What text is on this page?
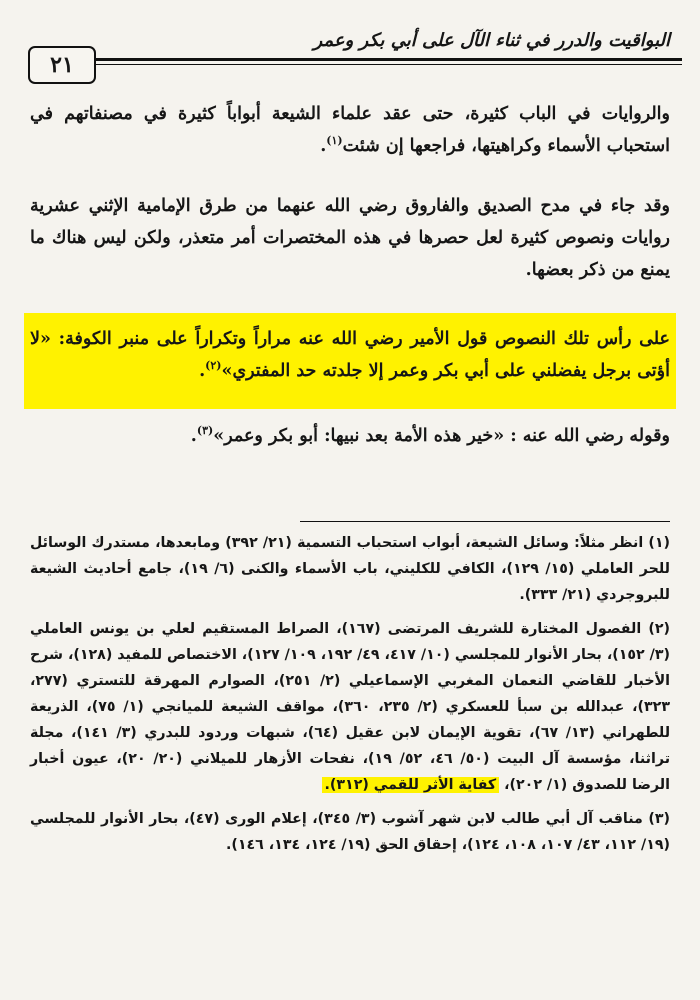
البواقيت والدرر في ثناء الآل على أبي بكر وعمر
٢١
والروايات في الباب كثيرة، حتى عقد علماء الشيعة أبواباً كثيرة في مصنفاتهم في استحباب الأسماء وكراهيتها، فراجعها إن شئت$^{(١)}$.
وقد جاء في مدح الصديق والفاروق رضي الله عنهما من طرق الإمامية الإثني عشرية روايات ونصوص كثيرة لعل حصرها في هذه المختصرات أمر متعذر، ولكن ليس هناك ما يمنع من ذكر بعضها.
على رأس تلك النصوص قول الأمير رضي الله عنه مراراً وتكراراً على منبر الكوفة: «لا أؤتى برجل يفضلني على أبي بكر وعمر إلا جلدته حد المفتري»$^{(٢)}$.
وقوله رضي الله عنه : «خير هذه الأمة بعد نبيها: أبو بكر وعمر»$^{(٣)}$.
(١) انظر مثلاً: وسائل الشيعة، أبواب استحباب التسمية (٢١/ ٣٩٢) ومابعدها، مستدرك الوسائل للحر العاملي (١٥/ ١٢٩)، الكافي للكليني، باب الأسماء والكنى (٦/ ١٩)، جامع أحاديث الشيعة للبروجردي (٢١/ ٣٣٣).
(٢) الفصول المختارة للشريف المرتضى (١٦٧)، الصراط المستقيم لعلي بن يونس العاملي (٣/ ١٥٢)، بحار الأنوار للمجلسي (١٠/ ٤١٧، ٤٩/ ١٩٢، ١٠٩/ ١٢٧)، الاختصاص للمفيد (١٢٨)، شرح الأخبار للقاضي النعمان المغربي الإسماعيلي (٢/ ٢٥١)، الصوارم المهرقة للتستري (٢٧٧، ٣٢٣)، عبدالله بن سبأ للعسكري (٢/ ٢٣٥، ٣٦٠)، مواقف الشيعة للميانجي (١/ ٧٥)، الذريعة للطهراني (١٣/ ٦٧)، تقوية الإيمان لابن عقيل (٦٤)، شبهات وردود للبدري (٣/ ١٤١)، مجلة تراثنا، مؤسسة آل البيت (٥٠/ ٤٦، ٥٢/ ١٩)، نفحات الأزهار للميلاني (٢٠/ ٢٠)، عيون أخبار الرضا للصدوق (١/ ٢٠٢)، كفاية الأثر للقمي (٣١٢).
(٣) مناقب آل أبي طالب لابن شهر آشوب (٣/ ٣٤٥)، إعلام الورى (٤٧)، بحار الأنوار للمجلسي (١٩/ ١١٢، ٤٣/ ١٠٧، ١٠٨، ١٢٤)، إحقاق الحق (١٩/ ١٢٤، ١٣٤، ١٤٦).
